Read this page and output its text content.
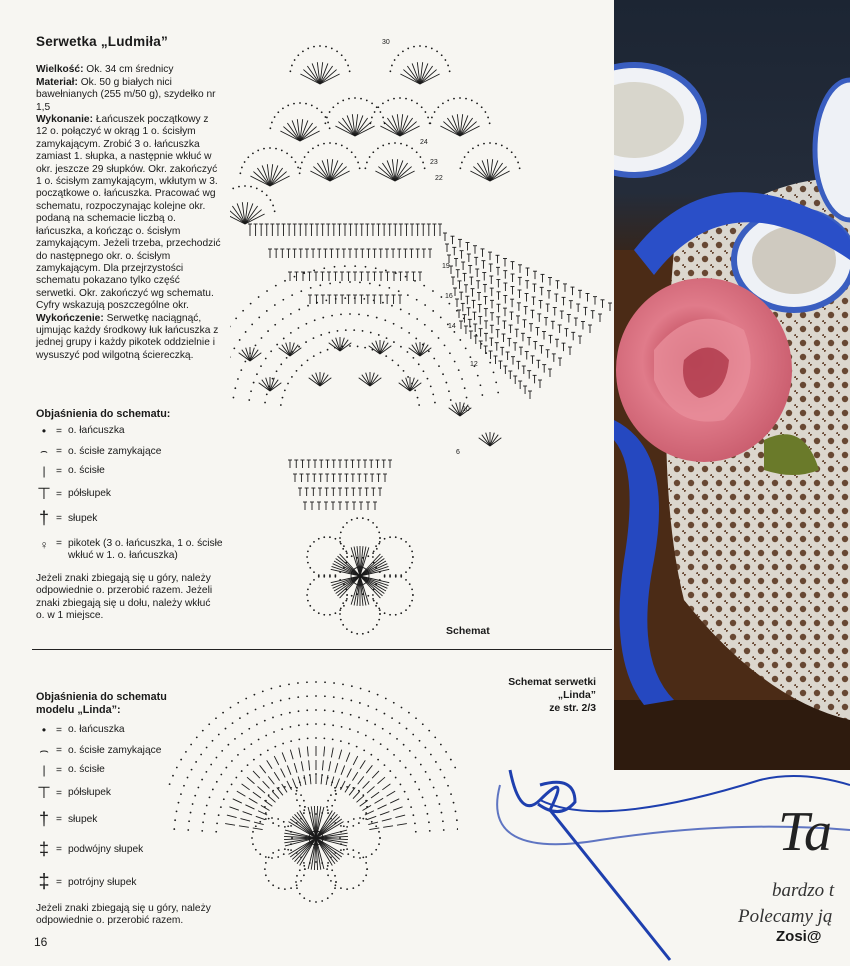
Serwetka „Ludmiła”

Wielkość: Ok. 34 cm średnicy

Materiał: Ok. 50 g białych nici bawełnianych (255 m/50 g), szydełko nr 1,5

Wykonanie: Łańcuszek początkowy z 12 o. połączyć w okrąg 1 o. ścisłym zamykającym. Zrobić 3 o. łańcuszka zamiast 1. słupka, a następnie wkłuć w okr. jeszcze 29 słupków. Okr. zakończyć 1 o. ścisłym zamykającym, wkłutym w 3. początkowe o. łańcuszka. Pracować wg schematu, rozpoczynając kolejne okr. podaną na schemacie liczbą o. łańcuszka, a kończąc o. ścisłym zamykającym. Jeżeli trzeba, przechodzić do następnego okr. o. ścisłym zamykającym. Dla przejrzystości schematu pokazano tylko część serwetki. Okr. zakończyć wg schematu. Cyfry wskazują poszczególne okr.

Wykończenie: Serwetkę naciągnąć, ujmując każdy środkowy łuk łańcuszka z jednej grupy i każdy pikotek oddzielnie i wysuszyć pod wilgotną ściereczką.

Objaśnienia do schematu:
• = o. łańcuszka
⌢ = o. ścisłe zamykające
|	= o. ścisłe
⊤ = półsłupek
† = słupek
♀ = pikotek (3 o. łańcuszka, 1 o. ścisłe
wkłuć w 1. o. łańcuszka)
Jeżeli znaki zbiegają się u góry, należy odpowiednie o. przerobić razem. Jeżeli znaki zbiegają się u dołu, należy wkłuć o. w 1 miejsce.
30
24
23
22
19
16
14
12
10
6
Schemat
Schemat serwetki „Linda”
ze str. 2/3
Objaśnienia do schematu
modelu „Linda”:
• = o. łańcuszka
⌢ = o. ścisłe zamykające
|	= o. ścisłe
⊤ = półsłupek
† = słupek
‡ = podwójny słupek
‡ = potrójny słupek
Jeżeli znaki zbiegają się u góry, należy odpowiednie o. przerobić razem.
Ta
bardzo t
Polecamy ją
Zosi@
16
